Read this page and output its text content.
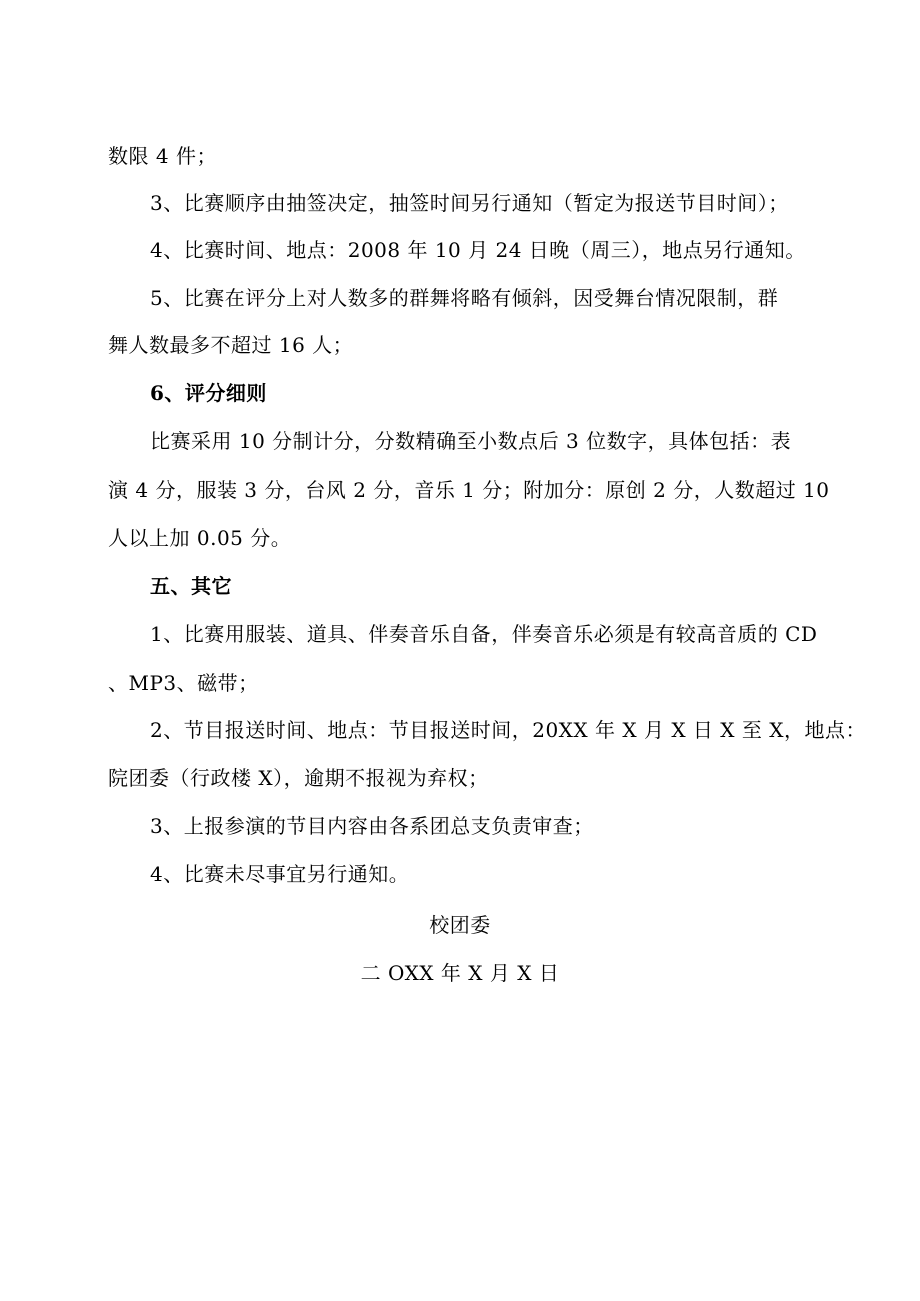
数限 4 件；
3、比赛顺序由抽签决定，抽签时间另行通知（暂定为报送节目时间）；
4、比赛时间、地点：2008 年 10 月 24 日晚（周三），地点另行通知。
5、比赛在评分上对人数多的群舞将略有倾斜，因受舞台情况限制，群
舞人数最多不超过 16 人；
6、评分细则
比赛采用 10 分制计分，分数精确至小数点后 3 位数字，具体包括：表
演 4 分，服装 3 分，台风 2 分，音乐 1 分；附加分：原创 2 分，人数超过 10
人以上加 0.05 分。
五、其它
1、比赛用服装、道具、伴奏音乐自备，伴奏音乐必须是有较高音质的 CD
、MP3、磁带；
2、节目报送时间、地点：节目报送时间，20XX 年 X 月 X 日 X 至 X，地点：
院团委（行政楼 X），逾期不报视为弃权；
3、上报参演的节目内容由各系团总支负责审查；
4、比赛未尽事宜另行通知。
校团委
二 OXX 年 X 月 X 日
